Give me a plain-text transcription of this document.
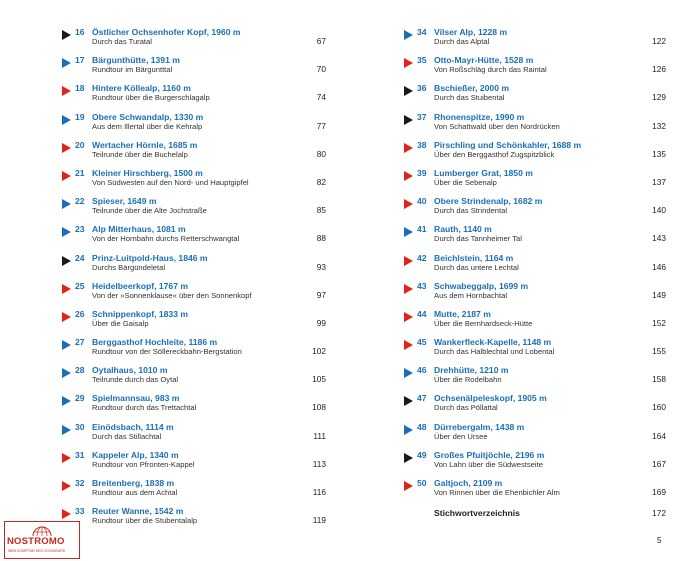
16 Östlicher Ochsenhofer Kopf, 1960 m
Durch das Turatal	67
17 Bärgunthütte, 1391 m
Rundtour im Bärguntttal	70
18 Hintere Köllealp, 1160 m
Rundtour über die Burgerschlagalp	74
19 Obere Schwandalp, 1330 m
Aus dem Illertal über die Kehralp	77
20 Wertacher Hörnle, 1685 m
Teilrunde über die Buchelalp	80
21 Kleiner Hirschberg, 1500 m
Von Südwesten auf den Nord- und Hauptgipfel	82
22 Spieser, 1649 m
Teilrunde über die Alte Jochstraße	85
23 Alp Mitterhaus, 1081 m
Von der Hornbahn durchs Retterschwangtal	88
24 Prinz-Luitpold-Haus, 1846 m
Durchs Bärgündeletal	93
25 Heidelbeerkopf, 1767 m
Von der »Sonnenklause« über den Sonnenkopf	97
26 Schnippenkopf, 1833 m
Über die Gaisalp	99
27 Berggasthof Hochleite, 1186 m
Rundtour von der Söllereckbahn-Bergstation	102
28 Oytalhaus, 1010 m
Teilrunde durch das Oytal	105
29 Spielmannsau, 983 m
Rundtour durch das Trettachtal	108
30 Einödsbach, 1114 m
Durch das Stillachtal	111
31 Kappeler Alp, 1340 m
Rundtour von Pfronten-Kappel	113
32 Breitenberg, 1838 m
Rundtour aus dem Achtal	116
33 Reuter Wanne, 1542 m
Rundtour über die Stubentalalp	119
34 Vilser Alp, 1228 m
Durch das Alptal	122
35 Otto-Mayr-Hütte, 1528 m
Von Roßschläg durch das Raintal	126
36 Bschießer, 2000 m
Durch das Stuibental	129
37 Rhonenspitze, 1990 m
Von Schattwald über den Nordrücken	132
38 Pirschling und Schönkahler, 1688 m
Über den Berggasthof Zugspitzblick	135
39 Lumberger Grat, 1850 m
Über die Sebenalp	137
40 Obere Strindenalp, 1682 m
Durch das Strindental	140
41 Rauth, 1140 m
Durch das Tannheimer Tal	143
42 Beichlstein, 1164 m
Durch das untere Lechtal	146
43 Schwabeggalp, 1699 m
Aus dem Hornbachtal	149
44 Mutte, 2187 m
Über die Bernhardseck-Hütte	152
45 Wankerfleck-Kapelle, 1148 m
Durch das Halblechtal und Lobental	155
46 Drehhütte, 1210 m
Über die Rodelbahn	158
47 Ochsenälpeleskopf, 1905 m
Durch das Pöllattal	160
48 Dürrebergalm, 1438 m
Über den Ursee	164
49 Großes Pfuitjöchle, 2196 m
Von Lahn über die Südwestseite	167
50 Galtjoch, 2109 m
Von Rinnen über die Ehenbichler Alm	169
Stichwortverzeichnis	172
5
NOSTROMO
WEB COMPTOIR DES VOYAGEURS
